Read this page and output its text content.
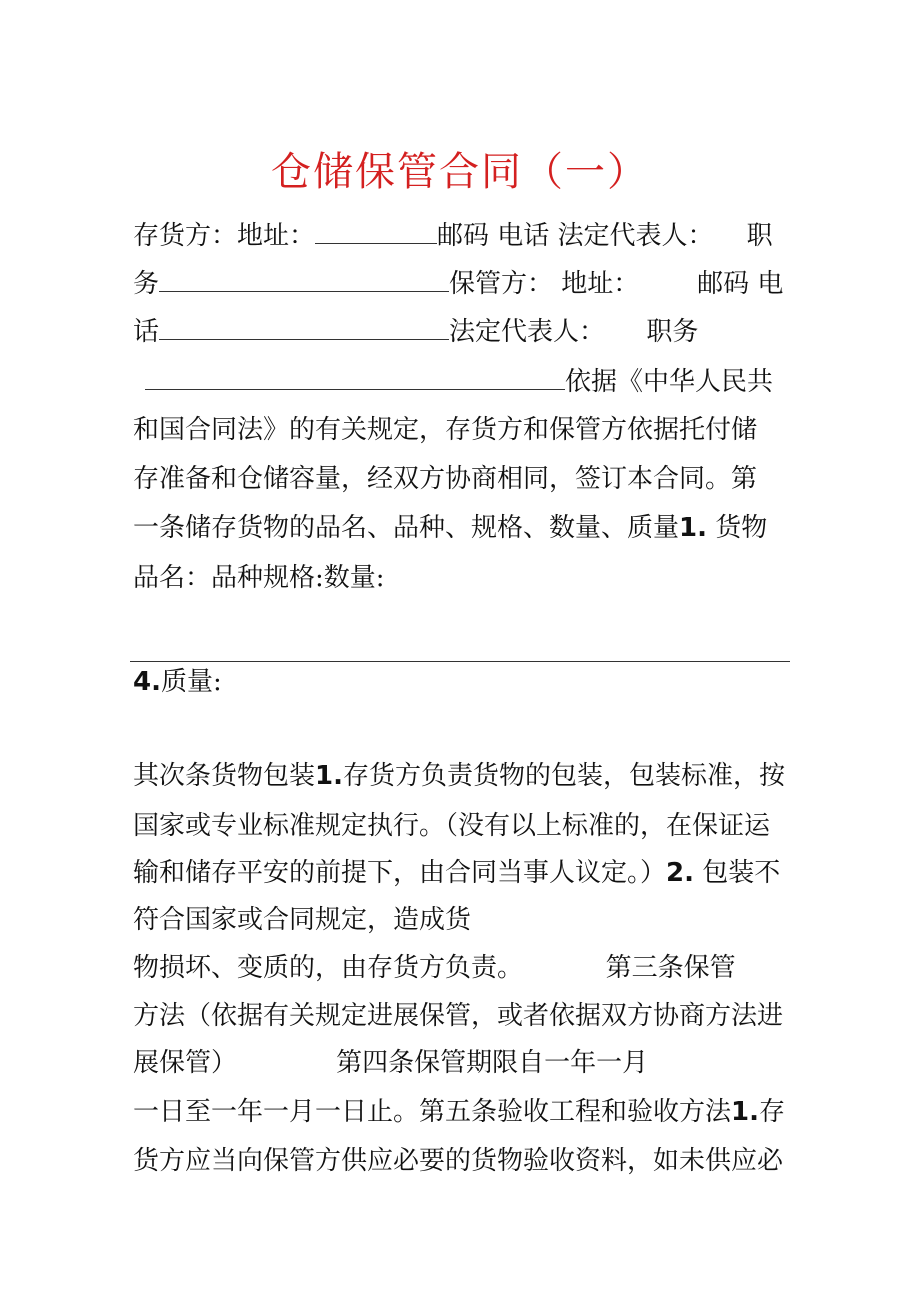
仓储保管合同（一）
存货方：地址：	邮码 电话 法定代表人：    职
务	保管方： 地址：       邮码 电
话	法定代表人：     职务
依据《中华人民共
和国合同法》的有关规定，存货方和保管方依据托付储
存准备和仓储容量，经双方协商相同，签订本合同。第
一条储存货物的品名、品种、规格、数量、质量1. 货物
品名：品种规格:数量:
4.质量:
其次条货物包装1.存货方负责货物的包装，包装标准，按
国家或专业标准规定执行。（没有以上标准的，在保证运
输和储存平安的前提下，由合同当事人议定。）2. 包装不
符合国家或合同规定，造成货
物损坏、变质的，由存货方负责。          第三条保管
方法（依据有关规定进展保管，或者依据双方协商方法进
展保管）            第四条保管期限自一年一月
一日至一年一月一日止。第五条验收工程和验收方法1.存
货方应当向保管方供应必要的货物验收资料，如未供应必
